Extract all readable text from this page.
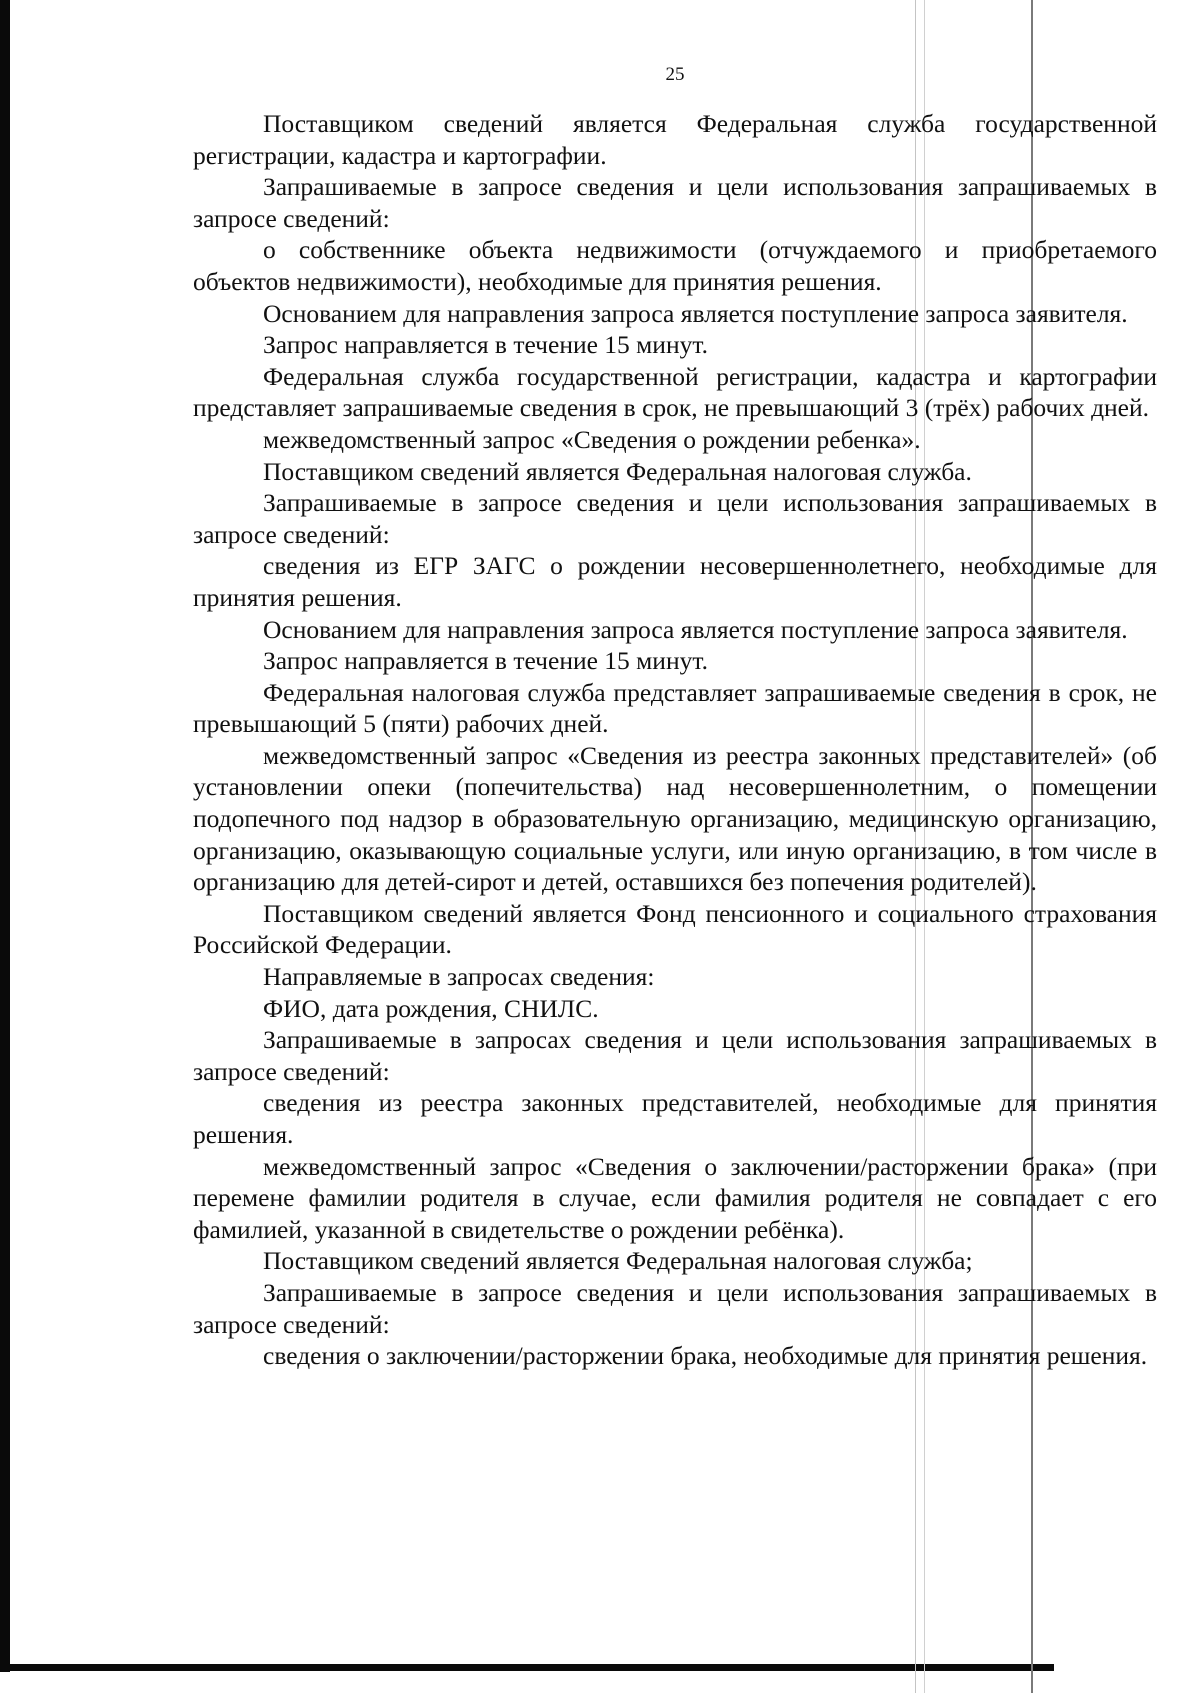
25

Поставщиком сведений является Федеральная служба государственной регистрации, кадастра и картографии.

Запрашиваемые в запросе сведения и цели использования запрашиваемых в запросе сведений:

о собственнике объекта недвижимости (отчуждаемого и приобретаемого объектов недвижимости), необходимые для принятия решения.

Основанием для направления запроса является поступление запроса заявителя.

Запрос направляется в течение 15 минут.

Федеральная служба государственной регистрации, кадастра и картографии представляет запрашиваемые сведения в срок, не превышающий 3 (трёх) рабочих дней.

межведомственный запрос «Сведения о рождении ребенка».

Поставщиком сведений является Федеральная налоговая служба.

Запрашиваемые в запросе сведения и цели использования запрашиваемых в запросе сведений:

сведения из ЕГР ЗАГС о рождении несовершеннолетнего, необходимые для принятия решения.

Основанием для направления запроса является поступление запроса заявителя.

Запрос направляется в течение 15 минут.

Федеральная налоговая служба представляет запрашиваемые сведения в срок, не превышающий 5 (пяти) рабочих дней.

межведомственный запрос «Сведения из реестра законных представителей» (об установлении опеки (попечительства) над несовершеннолетним, о помещении подопечного под надзор в образовательную организацию, медицинскую организацию, организацию, оказывающую социальные услуги, или иную организацию, в том числе в организацию для детей-сирот и детей, оставшихся без попечения родителей).

Поставщиком сведений является Фонд пенсионного и социального страхования Российской Федерации.

Направляемые в запросах сведения:

ФИО, дата рождения, СНИЛС.

Запрашиваемые в запросах сведения и цели использования запрашиваемых в запросе сведений:

сведения из реестра законных представителей, необходимые для принятия решения.

межведомственный запрос «Сведения о заключении/расторжении брака» (при перемене фамилии родителя в случае, если фамилия родителя не совпадает с его фамилией, указанной в свидетельстве о рождении ребёнка).

Поставщиком сведений является Федеральная налоговая служба;

Запрашиваемые в запросе сведения и цели использования запрашиваемых в запросе сведений:

сведения о заключении/расторжении брака, необходимые для принятия решения.
